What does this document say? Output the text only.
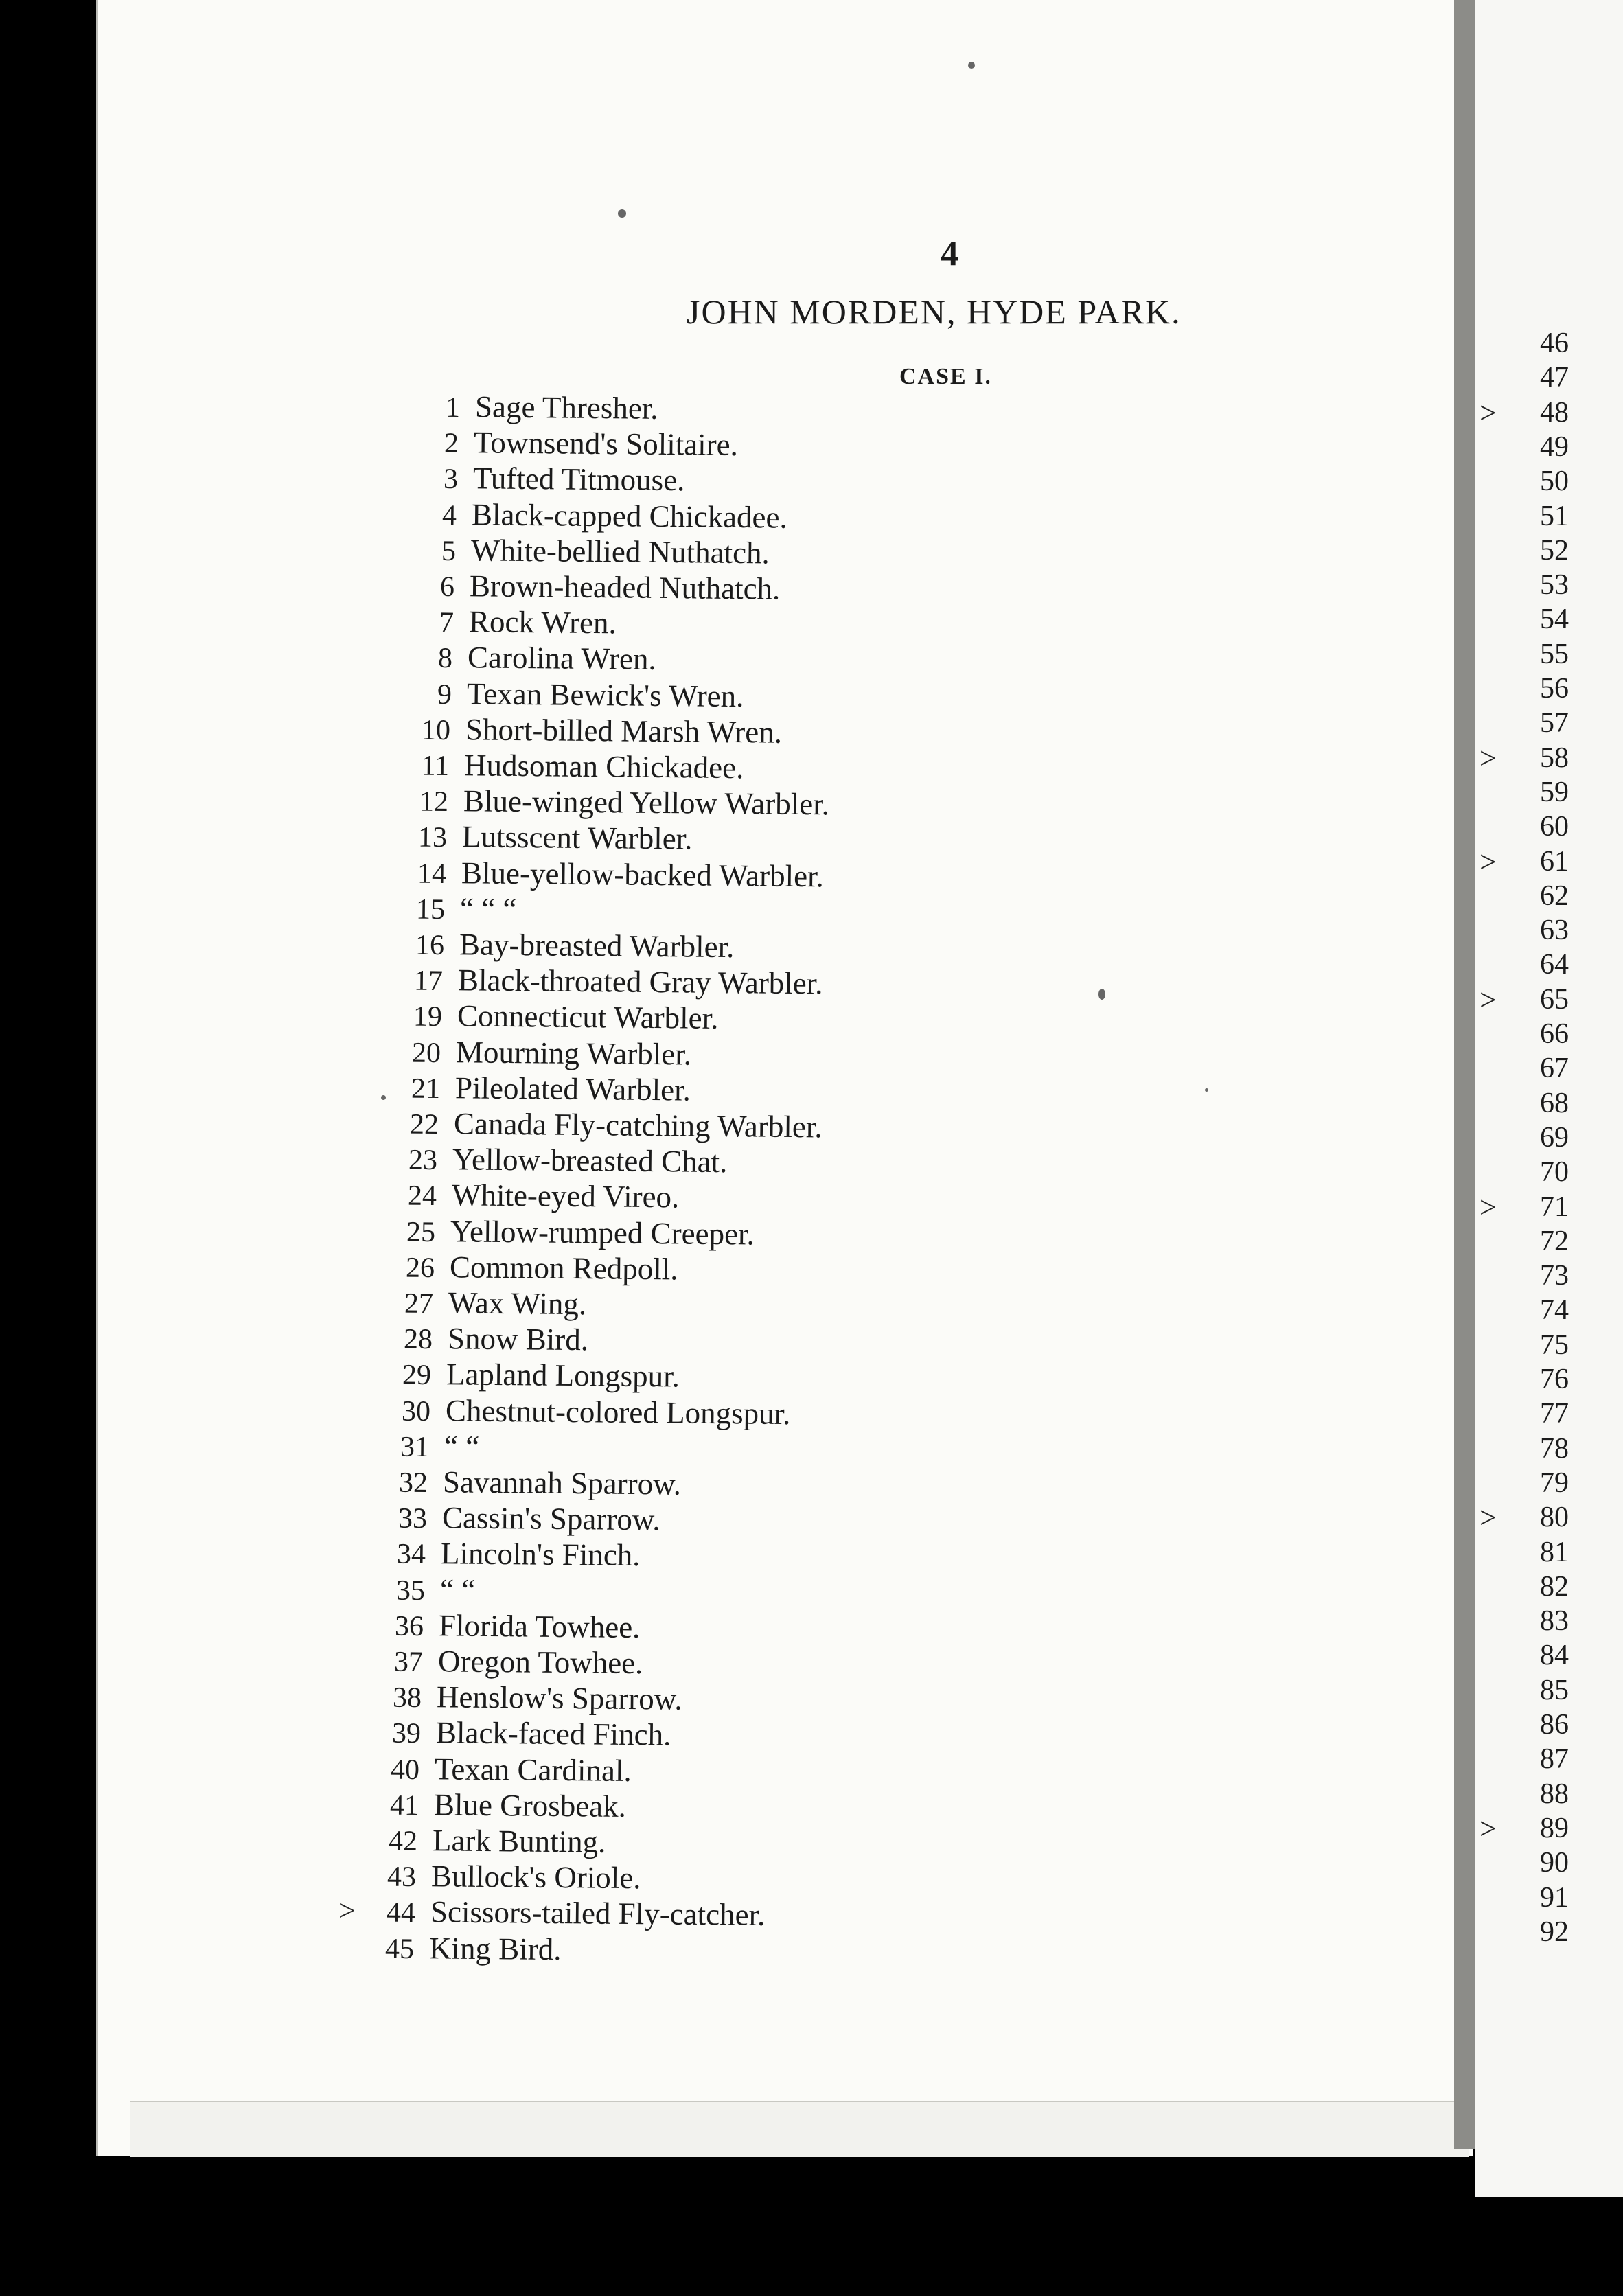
4
JOHN MORDEN, HYDE PARK.
CASE I.
1 Sage Thresher.
2 Townsend's Solitaire.
3 Tufted Titmouse.
4 Black-capped Chickadee.
5 White-bellied Nuthatch.
6 Brown-headed Nuthatch.
7 Rock Wren.
8 Carolina Wren.
9 Texan Bewick's Wren.
10 Short-billed Marsh Wren.
11 Hudsoman Chickadee.
12 Blue-winged Yellow Warbler.
13 Lutsscent Warbler.
14 Blue-yellow-backed Warbler.
15 “ “ “
16 Bay-breasted Warbler.
17 Black-throated Gray Warbler.
19 Connecticut Warbler.
20 Mourning Warbler.
21 Pileolated Warbler.
22 Canada Fly-catching Warbler.
23 Yellow-breasted Chat.
24 White-eyed Vireo.
25 Yellow-rumped Creeper.
26 Common Redpoll.
27 Wax Wing.
28 Snow Bird.
29 Lapland Longspur.
30 Chestnut-colored Longspur.
31 “ “
32 Savannah Sparrow.
33 Cassin's Sparrow.
34 Lincoln's Finch.
35 “ “
36 Florida Towhee.
37 Oregon Towhee.
38 Henslow's Sparrow.
39 Black-faced Finch.
40 Texan Cardinal.
41 Blue Grosbeak.
42 Lark Bunting.
43 Bullock's Oriole.
44 Scissors-tailed Fly-catcher.
>
45 King Bird.
46
47
48
>
49
50
51
52
53
54
55
56
57
58
>
59
60
61
>
62
63
64
65
>
66
67
68
69
70
71
>
72
73
74
75
76
77
78
79
80
>
81
82
83
84
85
86
87
88
89
>
90
91
92
